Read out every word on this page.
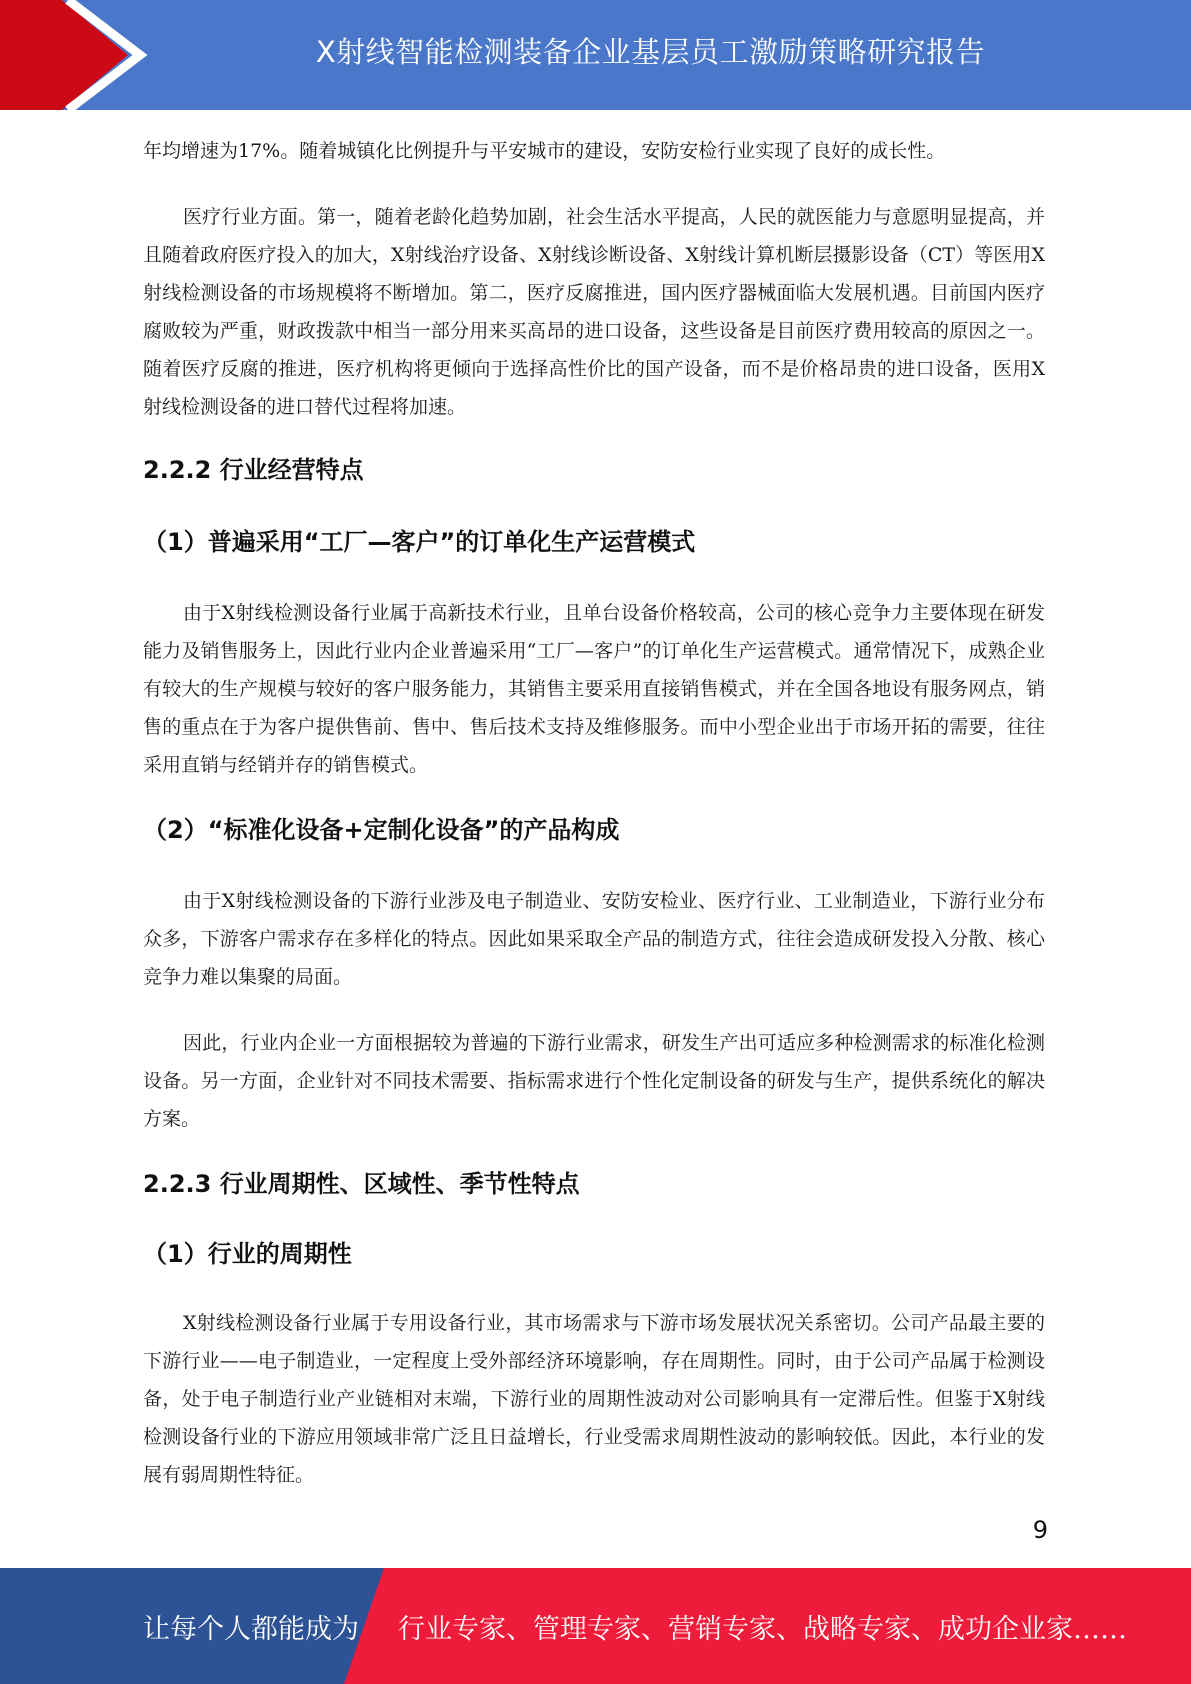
X射线智能检测装备企业基层员工激励策略研究报告

年均增速为17%。随着城镇化比例提升与平安城市的建设，安防安检行业实现了良好的成长性。

医疗行业方面。第一，随着老龄化趋势加剧，社会生活水平提高，人民的就医能力与意愿明显提高，并且随着政府医疗投入的加大，X射线治疗设备、X射线诊断设备、X射线计算机断层摄影设备（CT）等医用X射线检测设备的市场规模将不断增加。第二，医疗反腐推进，国内医疗器械面临大发展机遇。目前国内医疗腐败较为严重，财政拨款中相当一部分用来买高昂的进口设备，这些设备是目前医疗费用较高的原因之一。随着医疗反腐的推进，医疗机构将更倾向于选择高性价比的国产设备，而不是价格昂贵的进口设备，医用X射线检测设备的进口替代过程将加速。

2.2.2 行业经营特点
（1）普遍采用“工厂—客户”的订单化生产运营模式

由于X射线检测设备行业属于高新技术行业，且单台设备价格较高，公司的核心竞争力主要体现在研发能力及销售服务上，因此行业内企业普遍采用“工厂—客户”的订单化生产运营模式。通常情况下，成熟企业有较大的生产规模与较好的客户服务能力，其销售主要采用直接销售模式，并在全国各地设有服务网点，销售的重点在于为客户提供售前、售中、售后技术支持及维修服务。而中小型企业出于市场开拓的需要，往往采用直销与经销并存的销售模式。

（2）“标准化设备+定制化设备”的产品构成

由于X射线检测设备的下游行业涉及电子制造业、安防安检业、医疗行业、工业制造业，下游行业分布众多，下游客户需求存在多样化的特点。因此如果采取全产品的制造方式，往往会造成研发投入分散、核心竞争力难以集聚的局面。

因此，行业内企业一方面根据较为普遍的下游行业需求，研发生产出可适应多种检测需求的标准化检测设备。另一方面，企业针对不同技术需要、指标需求进行个性化定制设备的研发与生产，提供系统化的解决方案。

2.2.3 行业周期性、区域性、季节性特点
（1）行业的周期性

X射线检测设备行业属于专用设备行业，其市场需求与下游市场发展状况关系密切。公司产品最主要的下游行业——电子制造业，一定程度上受外部经济环境影响，存在周期性。同时，由于公司产品属于检测设备，处于电子制造行业产业链相对末端，下游行业的周期性波动对公司影响具有一定滞后性。但鉴于X射线检测设备行业的下游应用领域非常广泛且日益增长，行业受需求周期性波动的影响较低。因此，本行业的发展有弱周期性特征。

9
让每个人都能成为 行业专家、管理专家、营销专家、战略专家、成功企业家……
